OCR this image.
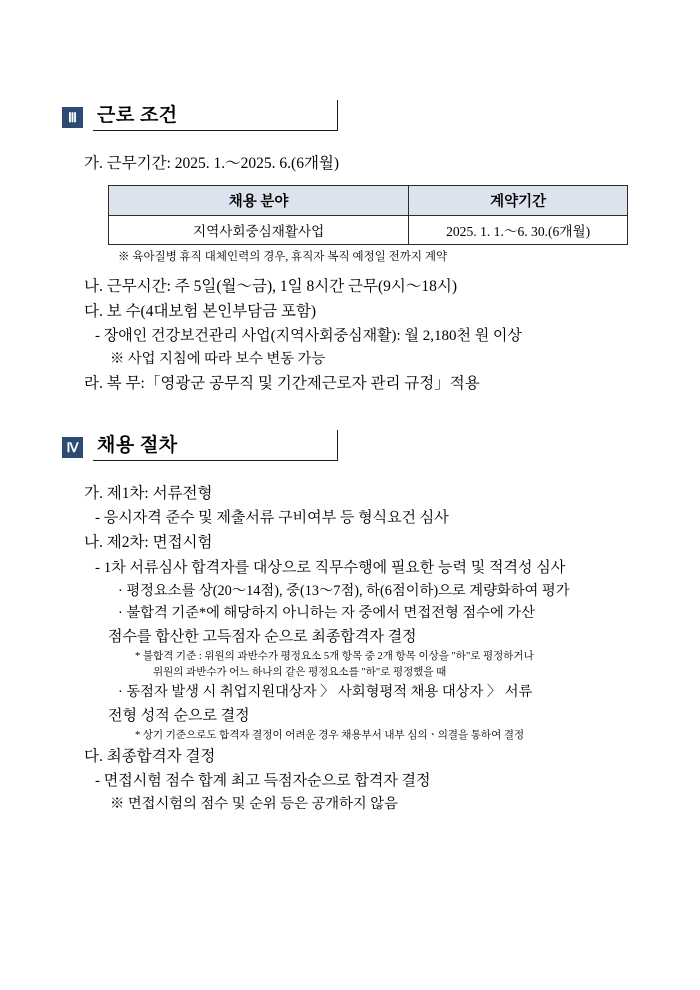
Ⅲ	근로 조건
가. 근무기간: 2025. 1.～2025. 6.(6개월)
채용 분야	계약기간
지역사회중심재활사업	2025. 1. 1.～6. 30.(6개월)
※ 육아질병 휴직 대체인력의 경우, 휴직자 복직 예정일 전까지 계약
나. 근무시간: 주 5일(월～금), 1일 8시간 근무(9시～18시)
다. 보 수(4대보험 본인부담금 포함)
- 장애인 건강보건관리 사업(지역사회중심재활): 월 2,180천 원 이상
※ 사업 지침에 따라 보수 변동 가능
라. 복 무:「영광군 공무직 및 기간제근로자 관리 규정」적용
Ⅳ 채용 절차
가. 제1차: 서류전형
- 응시자격 준수 및 제출서류 구비여부 등 형식요건 심사
나. 제2차: 면접시험
- 1차 서류심사 합격자를 대상으로 직무수행에 필요한 능력 및 적격성 심사
· 평정요소를 상(20～14점), 중(13～7점), 하(6점이하)으로 계량화하여 평가
· 불합격 기준*에 해당하지 아니하는 자 중에서 면접전형 점수에 가산
점수를 합산한 고득점자 순으로 최종합격자 결정
* 불합격 기준 : 위원의 과반수가 평정요소 5개 항목 중 2개 항목 이상을 "하"로 평정하거나
위원의 과반수가 어느 하나의 같은 평정요소를 "하"로 평정했을 때
· 동점자 발생 시 취업지원대상자 〉 사회형평적 채용 대상자 〉 서류
전형 성적 순으로 결정
* 상기 기준으로도 합격자 결정이 어려운 경우 채용부서 내부 심의ㆍ의결을 통하여 결정
다. 최종합격자 결정
- 면접시험 점수 합계 최고 득점자순으로 합격자 결정
※ 면접시험의 점수 및 순위 등은 공개하지 않음
